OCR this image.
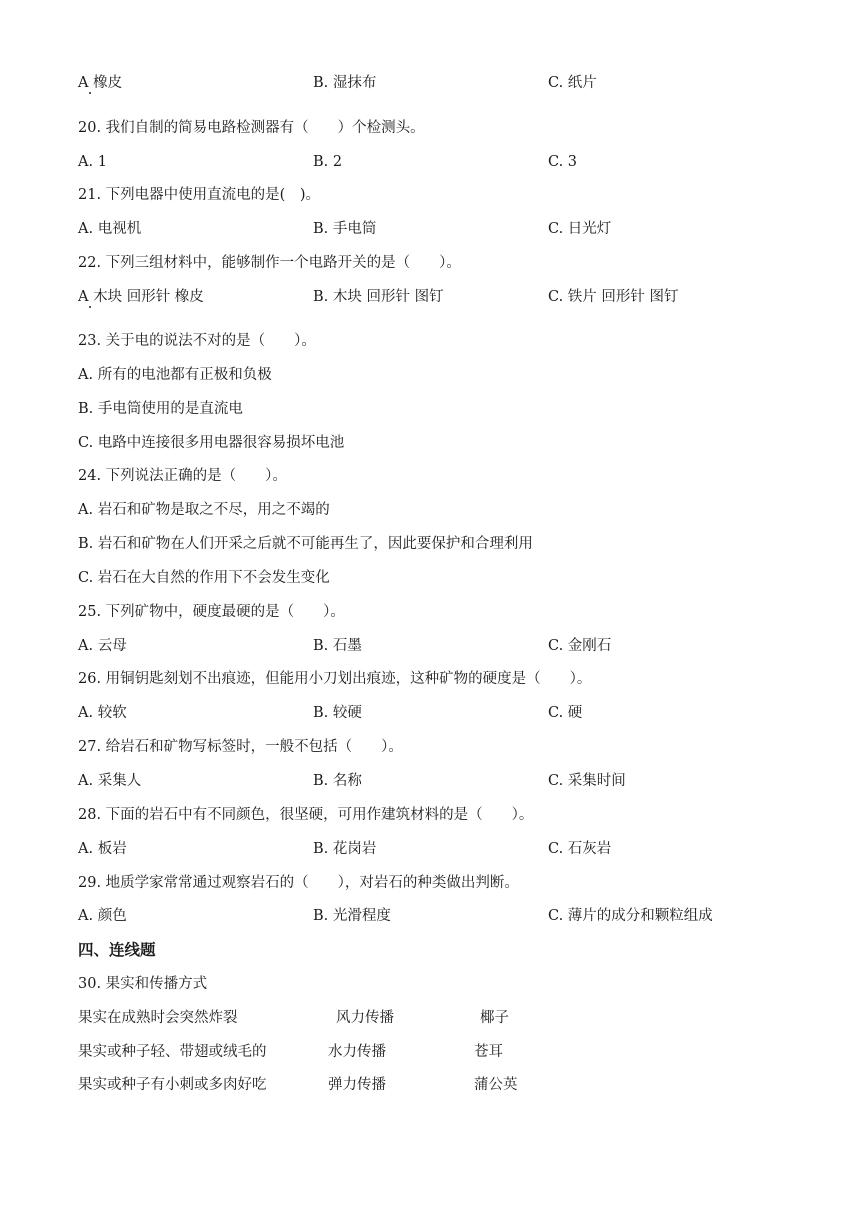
A 橡皮	B. 湿抹布	C. 纸片
20. 我们自制的简易电路检测器有（　　）个检测头。
A. 1	B. 2	C. 3
21. 下列电器中使用直流电的是(　)。
A. 电视机	B. 手电筒	C. 日光灯
22. 下列三组材料中，能够制作一个电路开关的是（　　）。
A 木块 回形针 橡皮	B. 木块 回形针 图钉	C. 铁片 回形针 图钉
23. 关于电的说法不对的是（　　）。
A. 所有的电池都有正极和负极
B. 手电筒使用的是直流电
C. 电路中连接很多用电器很容易损坏电池
24. 下列说法正确的是（　　）。
A. 岩石和矿物是取之不尽，用之不竭的
B. 岩石和矿物在人们开采之后就不可能再生了，因此要保护和合理利用
C. 岩石在大自然的作用下不会发生变化
25. 下列矿物中，硬度最硬的是（　　）。
A. 云母	B. 石墨	C. 金刚石
26. 用铜钥匙刻划不出痕迹，但能用小刀划出痕迹，这种矿物的硬度是（　　）。
A. 较软	B. 较硬	C. 硬
27. 给岩石和矿物写标签时，一般不包括（　　）。
A. 采集人	B. 名称	C. 采集时间
28. 下面的岩石中有不同颜色，很坚硬，可用作建筑材料的是（　　）。
A. 板岩	B. 花岗岩	C. 石灰岩
29. 地质学家常常通过观察岩石的（　　），对岩石的种类做出判断。
A. 颜色	B. 光滑程度	C. 薄片的成分和颗粒组成
四、连线题
30. 果实和传播方式
果实在成熟时会突然炸裂	风力传播	椰子
果实或种子轻、带翅或绒毛的	水力传播	苍耳
果实或种子有小刺或多肉好吃	弹力传播	蒲公英
